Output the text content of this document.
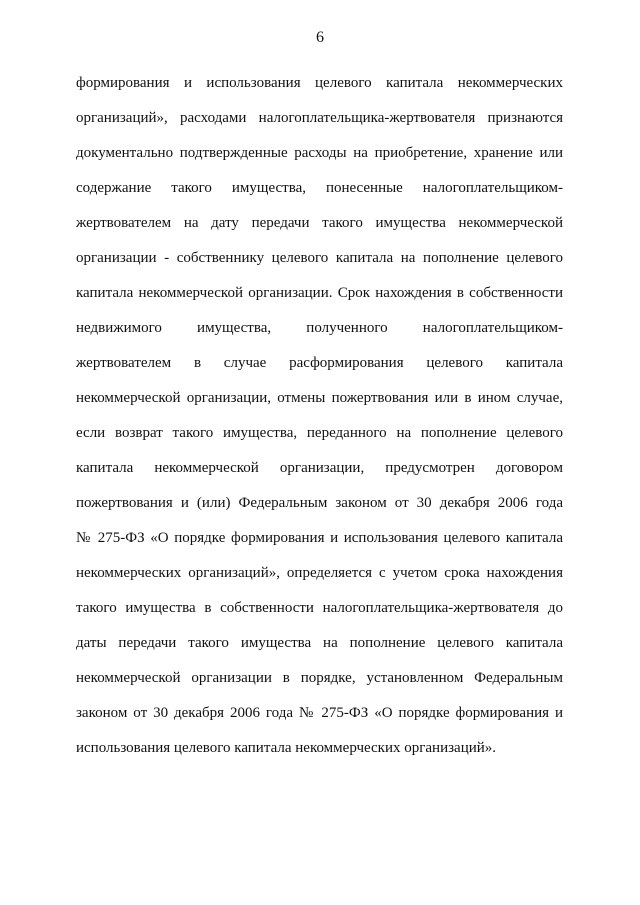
6
формирования и использования целевого капитала некоммерческих
организаций», расходами налогоплательщика-жертвователя признаются
документально подтвержденные расходы на приобретение, хранение или
содержание такого имущества, понесенные налогоплательщиком-
жертвователем на дату передачи такого имущества некоммерческой
организации - собственнику целевого капитала на пополнение целевого
капитала некоммерческой организации. Срок нахождения в собственности
недвижимого имущества, полученного налогоплательщиком-
жертвователем в случае расформирования целевого капитала
некоммерческой организации, отмены пожертвования или в ином случае,
если возврат такого имущества, переданного на пополнение целевого
капитала некоммерческой организации, предусмотрен договором
пожертвования и (или) Федеральным законом от 30 декабря 2006 года
№ 275-ФЗ «О порядке формирования и использования целевого капитала
некоммерческих организаций», определяется с учетом срока нахождения
такого имущества в собственности налогоплательщика-жертвователя до
даты передачи такого имущества на пополнение целевого капитала
некоммерческой организации в порядке, установленном Федеральным
законом от 30 декабря 2006 года № 275-ФЗ «О порядке формирования и
использования целевого капитала некоммерческих организаций».
